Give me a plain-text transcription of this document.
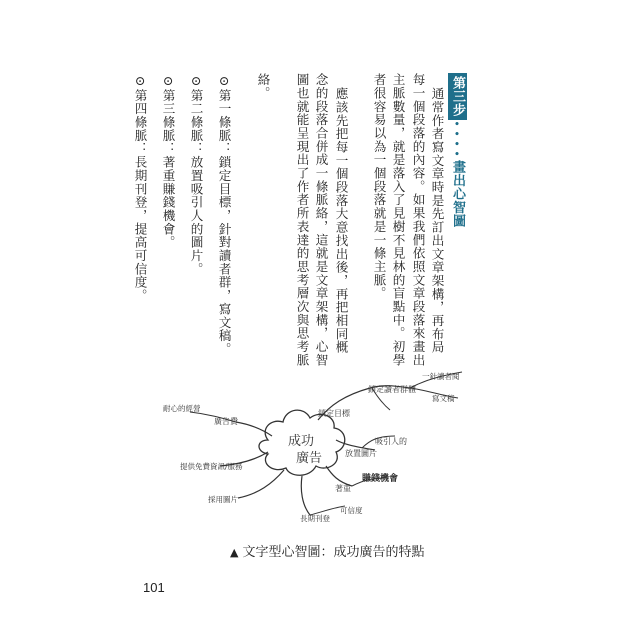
第三步••••畫出心智圖
通常作者寫文章時是先訂出文章架構，再布局
每一個段落的內容。如果我們依照文章段落來畫出
主脈數量，就是落入了見樹不見林的盲點中。初學
者很容易以為一個段落就是一條主脈。
應該先把每一個段落大意找出後，再把相同概
念的段落合併成一條脈絡，這就是文章架構，心智
圖也就能呈現出了作者所表達的思考層次與思考脈
絡。
⊙第一條脈：鎖定目標，針對讀者群，寫文稿。
⊙第二條脈：放置吸引人的圖片。
⊙第三條脈：著重賺錢機會。
⊙第四條脈：長期刊登，提高可信度。
成功
廣告
鎖定目標
鎖定讀者群體
一針讀者閱
寫文稿
放置圖片
吸引人的
著重
賺錢機會
長期刊登
可信度
採用圖片
提供免費資訊/服務
廣告費
耐心的經營
▲ 文字型心智圖：成功廣告的特點
101
